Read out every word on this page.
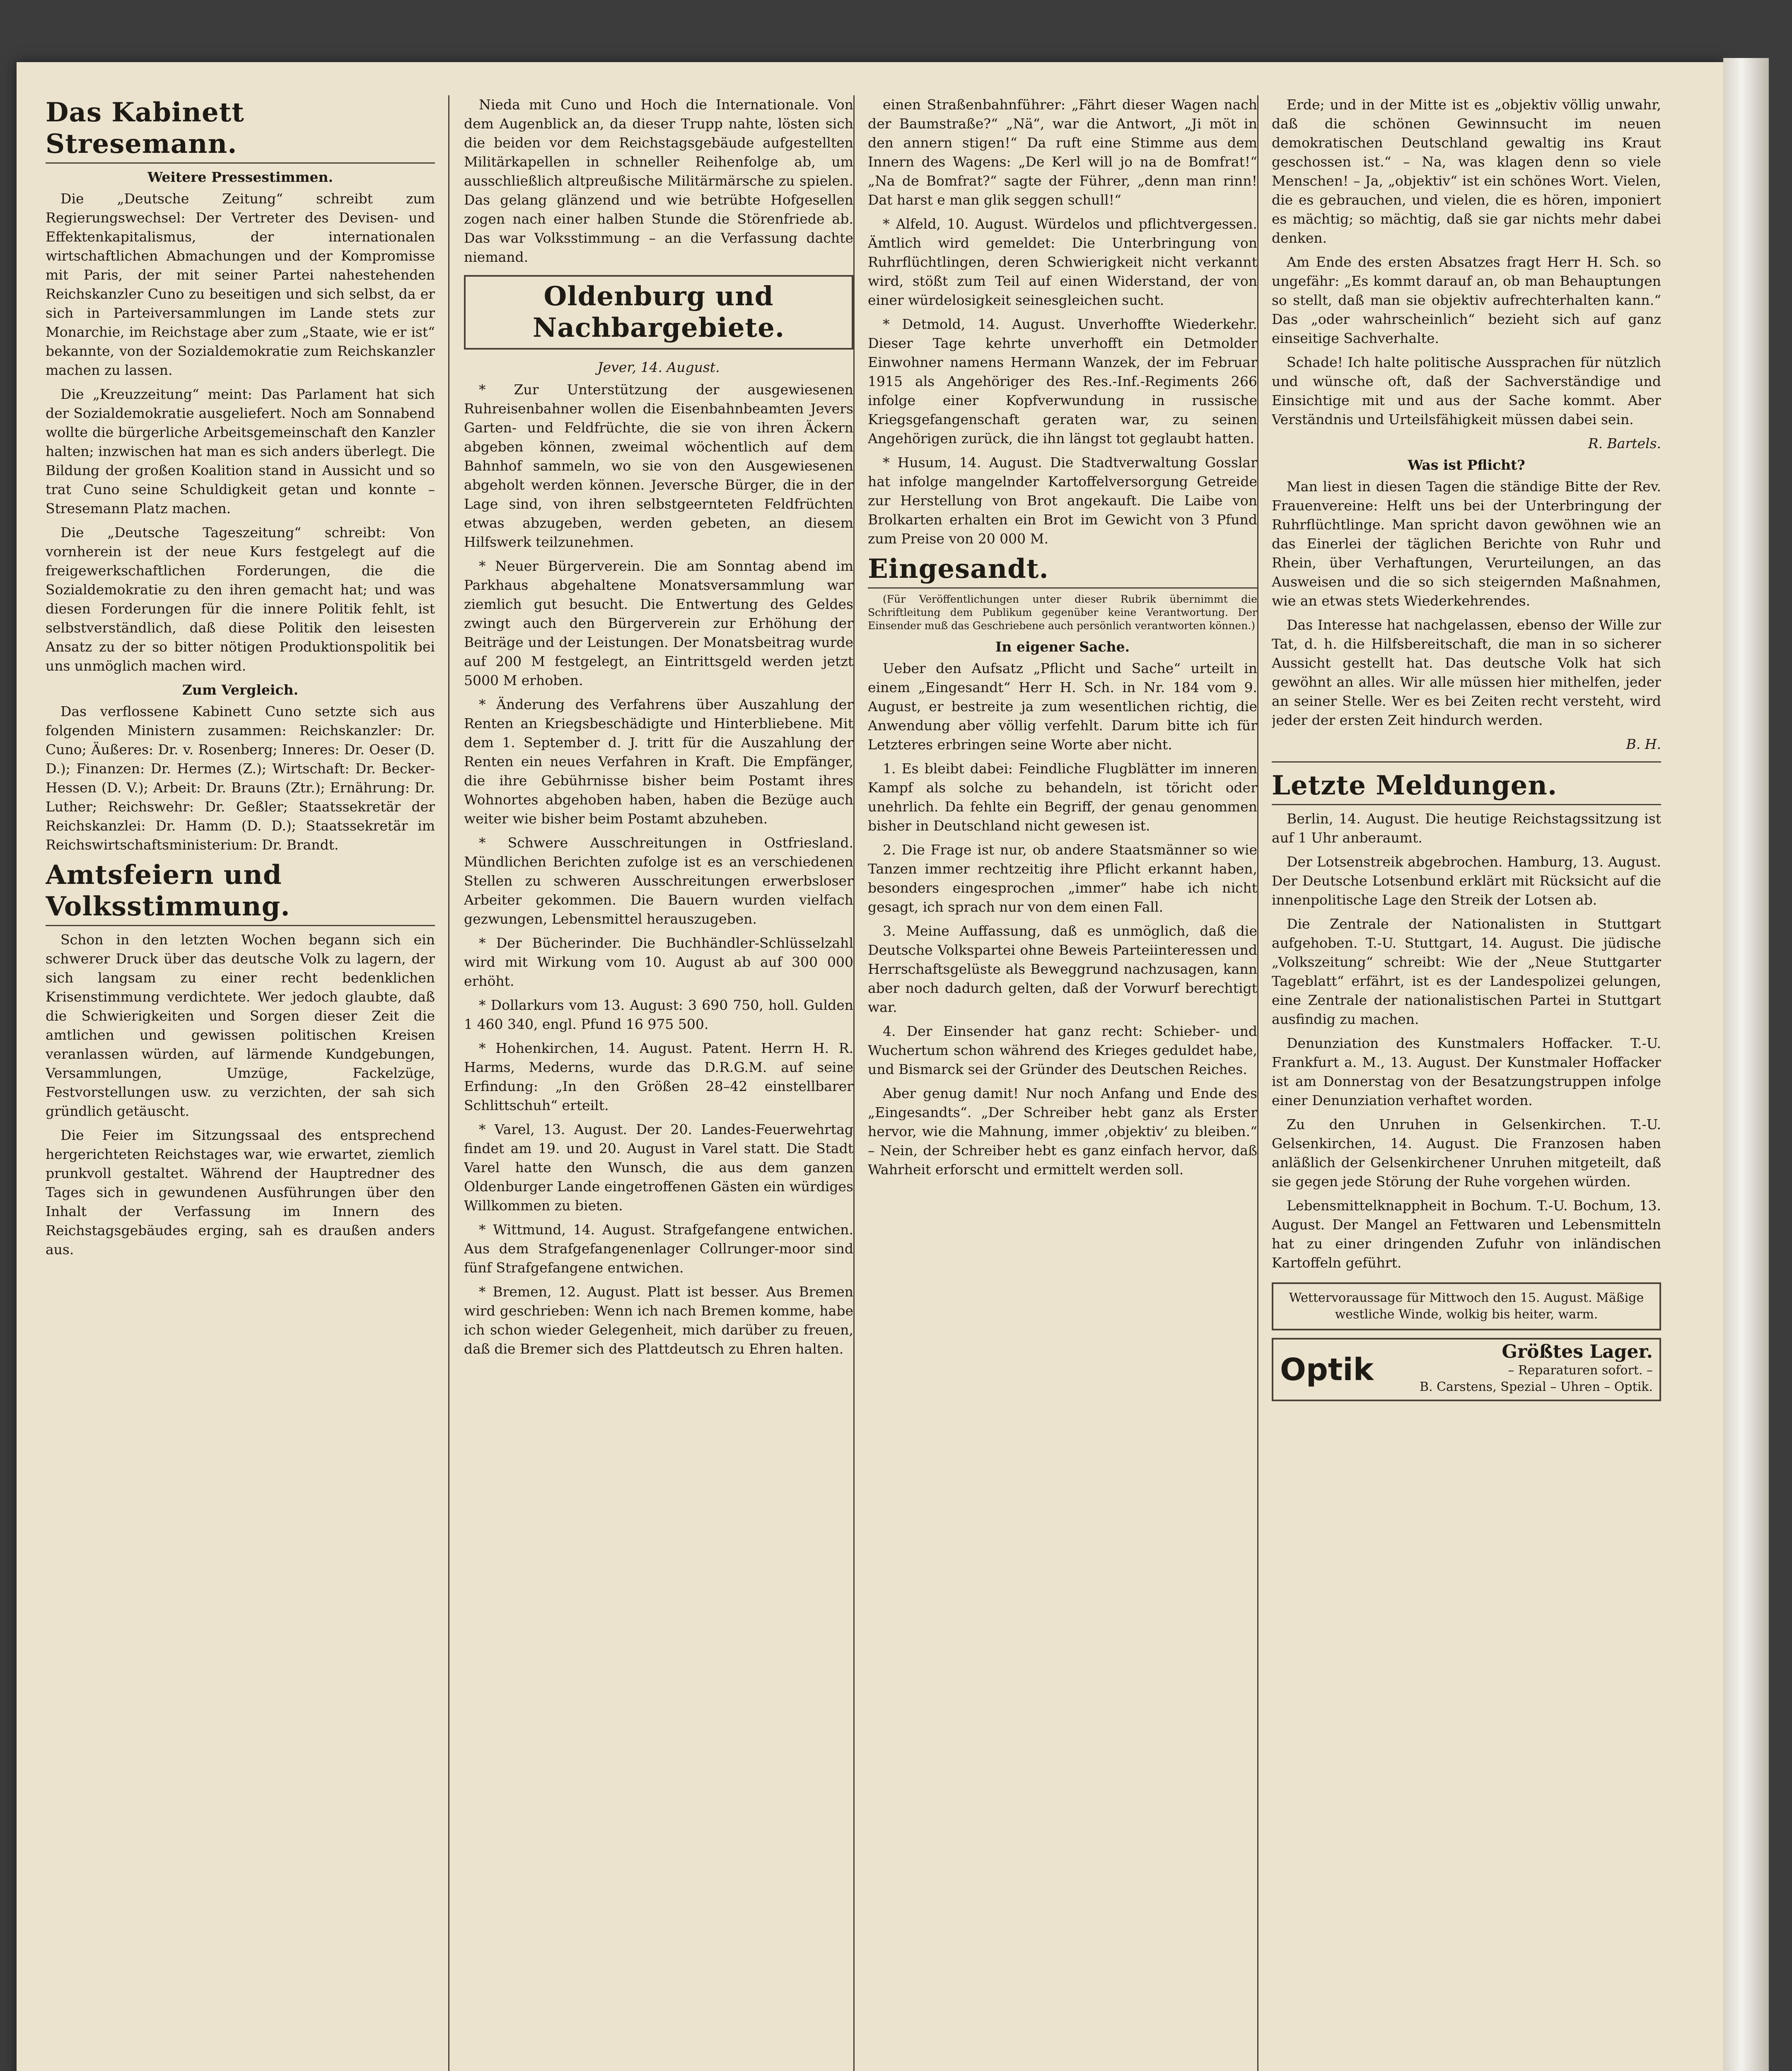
Das Kabinett Stresemann.
Weitere Pressestimmen.

Die „Deutsche Zeitung“ schreibt zum Regierungswechsel: Der Vertreter des Devisen- und Effektenkapitalismus, der internationalen wirtschaftlichen Abmachungen und der Kompromisse mit Paris, der mit seiner Partei nahestehenden Reichskanzler Cuno zu beseitigen und sich selbst, da er sich in Parteiversammlungen im Lande stets zur Monarchie, im Reichstage aber zum „Staate, wie er ist“ bekannte, von der Sozialdemokratie zum Reichskanzler machen zu lassen.

Die „Kreuzzeitung“ meint: Das Parlament hat sich der Sozialdemokratie ausgeliefert. Noch am Sonnabend wollte die bürgerliche Arbeitsgemeinschaft den Kanzler halten; inzwischen hat man es sich anders überlegt. Die Bildung der großen Koalition stand in Aussicht und so trat Cuno seine Schuldigkeit getan und konnte – Stresemann Platz machen.

Die „Deutsche Tageszeitung“ schreibt: Von vornherein ist der neue Kurs festgelegt auf die freigewerkschaftlichen Forderungen, die die Sozialdemokratie zu den ihren gemacht hat; und was diesen Forderungen für die innere Politik fehlt, ist selbstverständlich, daß diese Politik den leisesten Ansatz zu der so bitter nötigen Produktionspolitik bei uns unmöglich machen wird.

Zum Vergleich.

Das verflossene Kabinett Cuno setzte sich aus folgenden Ministern zusammen: Reichskanzler: Dr. Cuno; Äußeres: Dr. v. Rosenberg; Inneres: Dr. Oeser (D. D.); Finanzen: Dr. Hermes (Z.); Wirtschaft: Dr. Becker-Hessen (D. V.); Arbeit: Dr. Brauns (Ztr.); Ernährung: Dr. Luther; Reichswehr: Dr. Geßler; Staatssekretär der Reichskanzlei: Dr. Hamm (D. D.); Staatssekretär im Reichswirtschaftsministerium: Dr. Brandt.

Amtsfeiern und Volksstimmung.

Schon in den letzten Wochen begann sich ein schwerer Druck über das deutsche Volk zu lagern, der sich langsam zu einer recht bedenklichen Krisenstimmung verdichtete. Wer jedoch glaubte, daß die Schwierigkeiten und Sorgen dieser Zeit die amtlichen und gewissen politischen Kreisen veranlassen würden, auf lärmende Kundgebungen, Versammlungen, Umzüge, Fackelzüge, Festvorstellungen usw. zu verzichten, der sah sich gründlich getäuscht.

Die Feier im Sitzungssaal des entsprechend hergerichteten Reichstages war, wie erwartet, ziemlich prunkvoll gestaltet. Während der Hauptredner des Tages sich in gewundenen Ausführungen über den Inhalt der Verfassung im Innern des Reichstagsgebäudes erging, sah es draußen anders aus.

Nieda mit Cuno und Hoch die Internationale. Von dem Augenblick an, da dieser Trupp nahte, lösten sich die beiden vor dem Reichstagsgebäude aufgestellten Militärkapellen in schneller Reihenfolge ab, um ausschließlich altpreußische Militärmärsche zu spielen. Das gelang glänzend und wie betrübte Hofgesellen zogen nach einer halben Stunde die Störenfriede ab. Das war Volksstimmung – an die Verfassung dachte niemand.

Oldenburg und Nachbargebiete.
Jever, 14. August.

* Zur Unterstützung der ausgewiesenen Ruhreisenbahner wollen die Eisenbahnbeamten Jevers Garten- und Feldfrüchte, die sie von ihren Äckern abgeben können, zweimal wöchentlich auf dem Bahnhof sammeln, wo sie von den Ausgewiesenen abgeholt werden können. Jeversche Bürger, die in der Lage sind, von ihren selbstgeernteten Feldfrüchten etwas abzugeben, werden gebeten, an diesem Hilfswerk teilzunehmen.

* Neuer Bürgerverein. Die am Sonntag abend im Parkhaus abgehaltene Monatsversammlung war ziemlich gut besucht. Die Entwertung des Geldes zwingt auch den Bürgerverein zur Erhöhung der Beiträge und der Leistungen. Der Monatsbeitrag wurde auf 200 M festgelegt, an Eintrittsgeld werden jetzt 5000 M erhoben.

* Änderung des Verfahrens über Auszahlung der Renten an Kriegsbeschädigte und Hinterbliebene. Mit dem 1. September d. J. tritt für die Auszahlung der Renten ein neues Verfahren in Kraft. Die Empfänger, die ihre Gebührnisse bisher beim Postamt ihres Wohnortes abgehoben haben, haben die Bezüge auch weiter wie bisher beim Postamt abzuheben.

* Schwere Ausschreitungen in Ostfriesland. Mündlichen Berichten zufolge ist es an verschiedenen Stellen zu schweren Ausschreitungen erwerbsloser Arbeiter gekommen. Die Bauern wurden vielfach gezwungen, Lebensmittel herauszugeben.

* Der Bücherinder. Die Buchhändler-Schlüsselzahl wird mit Wirkung vom 10. August ab auf 300 000 erhöht.

* Dollarkurs vom 13. August: 3 690 750, holl. Gulden 1 460 340, engl. Pfund 16 975 500.

* Hohenkirchen, 14. August. Patent. Herrn H. R. Harms, Mederns, wurde das D.R.G.M. auf seine Erfindung: „In den Größen 28–42 einstellbarer Schlittschuh“ erteilt.

* Varel, 13. August. Der 20. Landes-Feuerwehrtag findet am 19. und 20. August in Varel statt. Die Stadt Varel hatte den Wunsch, die aus dem ganzen Oldenburger Lande eingetroffenen Gästen ein würdiges Willkommen zu bieten.

* Wittmund, 14. August. Strafgefangene entwichen. Aus dem Strafgefangenenlager Collrunger-moor sind fünf Strafgefangene entwichen.

* Bremen, 12. August. Platt ist besser. Aus Bremen wird geschrieben: Wenn ich nach Bremen komme, habe ich schon wieder Gelegenheit, mich darüber zu freuen, daß die Bremer sich des Plattdeutsch zu Ehren halten.

einen Straßenbahnführer: „Fährt dieser Wagen nach der Baumstraße?“ „Nä“, war die Antwort, „Ji möt in den annern stigen!“ Da ruft eine Stimme aus dem Innern des Wagens: „De Kerl will jo na de Bomfrat!“ „Na de Bomfrat?“ sagte der Führer, „denn man rinn! Dat harst e man glik seggen schull!“

* Alfeld, 10. August. Würdelos und pflichtvergessen. Ämtlich wird gemeldet: Die Unterbringung von Ruhrflüchtlingen, deren Schwierigkeit nicht verkannt wird, stößt zum Teil auf einen Widerstand, der von einer würdelosigkeit seinesgleichen sucht.

* Detmold, 14. August. Unverhoffte Wiederkehr. Dieser Tage kehrte unverhofft ein Detmolder Einwohner namens Hermann Wanzek, der im Februar 1915 als Angehöriger des Res.-Inf.-Regiments 266 infolge einer Kopfverwundung in russische Kriegsgefangenschaft geraten war, zu seinen Angehörigen zurück, die ihn längst tot geglaubt hatten.

* Husum, 14. August. Die Stadtverwaltung Gosslar hat infolge mangelnder Kartoffelversorgung Getreide zur Herstellung von Brot angekauft. Die Laibe von Brolkarten erhalten ein Brot im Gewicht von 3 Pfund zum Preise von 20 000 M.

Eingesandt.

(Für Veröffentlichungen unter dieser Rubrik übernimmt die Schriftleitung dem Publikum gegenüber keine Verantwortung. Der Einsender muß das Geschriebene auch persönlich verantworten können.)

In eigener Sache.

Ueber den Aufsatz „Pflicht und Sache“ urteilt in einem „Eingesandt“ Herr H. Sch. in Nr. 184 vom 9. August, er bestreite ja zum wesentlichen richtig, die Anwendung aber völlig verfehlt. Darum bitte ich für Letzteres erbringen seine Worte aber nicht.

1. Es bleibt dabei: Feindliche Flugblätter im inneren Kampf als solche zu behandeln, ist töricht oder unehrlich. Da fehlte ein Begriff, der genau genommen bisher in Deutschland nicht gewesen ist.

2. Die Frage ist nur, ob andere Staatsmänner so wie Tanzen immer rechtzeitig ihre Pflicht erkannt haben, besonders eingesprochen „immer“ habe ich nicht gesagt, ich sprach nur von dem einen Fall.

3. Meine Auffassung, daß es unmöglich, daß die Deutsche Volkspartei ohne Beweis Parteiinteressen und Herrschaftsgelüste als Beweggrund nachzusagen, kann aber noch dadurch gelten, daß der Vorwurf berechtigt war.

4. Der Einsender hat ganz recht: Schieber- und Wuchertum schon während des Krieges geduldet habe, und Bismarck sei der Gründer des Deutschen Reiches.

Aber genug damit! Nur noch Anfang und Ende des „Eingesandts“. „Der Schreiber hebt ganz als Erster hervor, wie die Mahnung, immer ‚objektiv‘ zu bleiben.“ – Nein, der Schreiber hebt es ganz einfach hervor, daß Wahrheit erforscht und ermittelt werden soll.

Erde; und in der Mitte ist es „objektiv völlig unwahr, daß die schönen Gewinnsucht im neuen demokratischen Deutschland gewaltig ins Kraut geschossen ist.“ – Na, was klagen denn so viele Menschen! – Ja, „objektiv“ ist ein schönes Wort. Vielen, die es gebrauchen, und vielen, die es hören, imponiert es mächtig; so mächtig, daß sie gar nichts mehr dabei denken.

Am Ende des ersten Absatzes fragt Herr H. Sch. so ungefähr: „Es kommt darauf an, ob man Behauptungen so stellt, daß man sie objektiv aufrechterhalten kann.“ Das „oder wahrscheinlich“ bezieht sich auf ganz einseitige Sachverhalte.

Schade! Ich halte politische Aussprachen für nützlich und wünsche oft, daß der Sachverständige und Einsichtige mit und aus der Sache kommt. Aber Verständnis und Urteilsfähigkeit müssen dabei sein.

R. Bartels.
Was ist Pflicht?

Man liest in diesen Tagen die ständige Bitte der Rev. Frauenvereine: Helft uns bei der Unterbringung der Ruhrflüchtlinge. Man spricht davon gewöhnen wie an das Einerlei der täglichen Berichte von Ruhr und Rhein, über Verhaftungen, Verurteilungen, an das Ausweisen und die so sich steigernden Maßnahmen, wie an etwas stets Wiederkehrendes.

Das Interesse hat nachgelassen, ebenso der Wille zur Tat, d. h. die Hilfsbereitschaft, die man in so sicherer Aussicht gestellt hat. Das deutsche Volk hat sich gewöhnt an alles. Wir alle müssen hier mithelfen, jeder an seiner Stelle. Wer es bei Zeiten recht versteht, wird jeder der ersten Zeit hindurch werden.

B. H.
Letzte Meldungen.

Berlin, 14. August. Die heutige Reichstagssitzung ist auf 1 Uhr anberaumt.

Der Lotsenstreik abgebrochen. Hamburg, 13. August. Der Deutsche Lotsenbund erklärt mit Rücksicht auf die innenpolitische Lage den Streik der Lotsen ab.

Die Zentrale der Nationalisten in Stuttgart aufgehoben. T.-U. Stuttgart, 14. August. Die jüdische „Volkszeitung“ schreibt: Wie der „Neue Stuttgarter Tageblatt“ erfährt, ist es der Landespolizei gelungen, eine Zentrale der nationalistischen Partei in Stuttgart ausfindig zu machen.

Denunziation des Kunstmalers Hoffacker. T.-U. Frankfurt a. M., 13. August. Der Kunstmaler Hoffacker ist am Donnerstag von der Besatzungstruppen infolge einer Denunziation verhaftet worden.

Zu den Unruhen in Gelsenkirchen. T.-U. Gelsenkirchen, 14. August. Die Franzosen haben anläßlich der Gelsenkirchener Unruhen mitgeteilt, daß sie gegen jede Störung der Ruhe vorgehen würden.

Lebensmittelknappheit in Bochum. T.-U. Bochum, 13. August. Der Mangel an Fettwaren und Lebensmitteln hat zu einer dringenden Zufuhr von inländischen Kartoffeln geführt.

Wettervoraussage für Mittwoch den 15. August. Mäßige westliche Winde, wolkig bis heiter, warm.
Optik	Größtes Lager.
– Reparaturen sofort. –
B. Carstens, Spezial – Uhren – Optik.
